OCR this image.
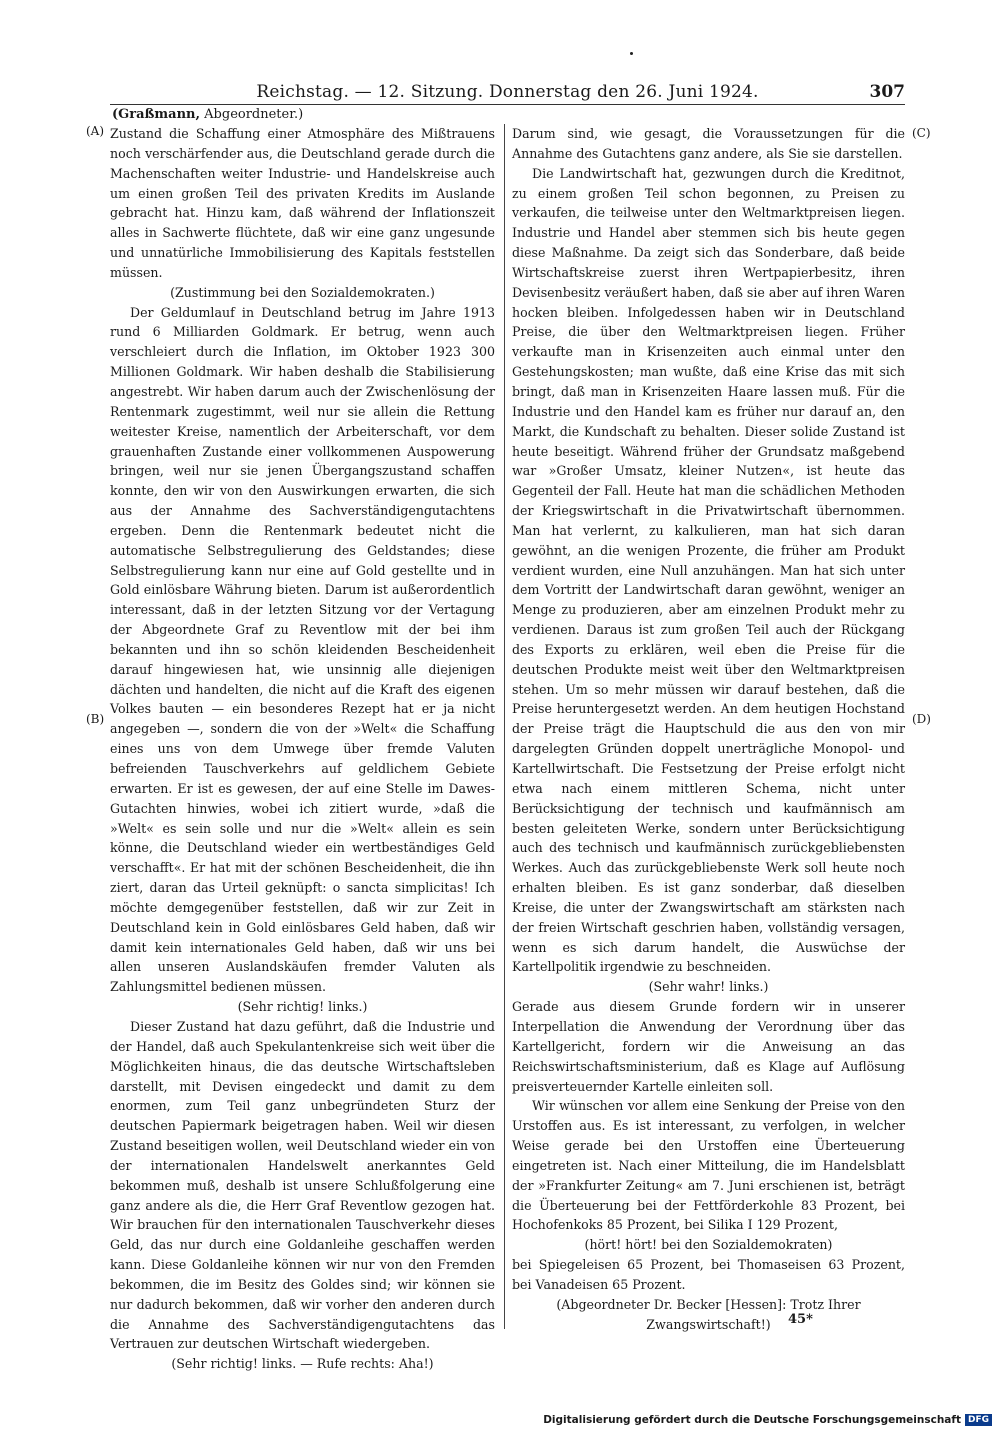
Reichstag. — 12. Sitzung. Donnerstag den 26. Juni 1924.	307
(Graßmann, Abgeordneter.)
(A)
(B)
(C)
(D)

Zustand die Schaffung einer Atmosphäre des Mißtrauens noch verschärfender aus, die Deutschland gerade durch die Machenschaften weiter Industrie- und Handelskreise auch um einen großen Teil des privaten Kredits im Auslande gebracht hat. Hinzu kam, daß während der Inflationszeit alles in Sachwerte flüchtete, daß wir eine ganz ungesunde und unnatürliche Immobilisierung des Kapitals feststellen müssen.

(Zustimmung bei den Sozialdemokraten.)

Der Geldumlauf in Deutschland betrug im Jahre 1913 rund 6 Milliarden Goldmark. Er betrug, wenn auch verschleiert durch die Inflation, im Oktober 1923 300 Millionen Goldmark. Wir haben deshalb die Stabilisierung angestrebt. Wir haben darum auch der Zwischenlösung der Rentenmark zugestimmt, weil nur sie allein die Rettung weitester Kreise, namentlich der Arbeiterschaft, vor dem grauenhaften Zustande einer vollkommenen Auspowerung bringen, weil nur sie jenen Übergangszustand schaffen konnte, den wir von den Auswirkungen erwarten, die sich aus der Annahme des Sachverständigengutachtens ergeben. Denn die Rentenmark bedeutet nicht die automatische Selbstregulierung des Geldstandes; diese Selbstregulierung kann nur eine auf Gold gestellte und in Gold einlösbare Währung bieten. Darum ist außerordentlich interessant, daß in der letzten Sitzung vor der Vertagung der Abgeordnete Graf zu Reventlow mit der bei ihm bekannten und ihn so schön kleidenden Bescheidenheit darauf hingewiesen hat, wie unsinnig alle diejenigen dächten und handelten, die nicht auf die Kraft des eigenen Volkes bauten — ein besonderes Rezept hat er ja nicht angegeben —, sondern die von der »Welt« die Schaffung eines uns von dem Umwege über fremde Valuten befreienden Tauschverkehrs auf geldlichem Gebiete erwarten. Er ist es gewesen, der auf eine Stelle im Dawes-Gutachten hinwies, wobei ich zitiert wurde, »daß die »Welt« es sein solle und nur die »Welt« allein es sein könne, die Deutschland wieder ein wertbeständiges Geld verschafft«. Er hat mit der schönen Bescheidenheit, die ihn ziert, daran das Urteil geknüpft: o sancta simplicitas! Ich möchte demgegenüber feststellen, daß wir zur Zeit in Deutschland kein in Gold einlösbares Geld haben, daß wir damit kein internationales Geld haben, daß wir uns bei allen unseren Auslandskäufen fremder Valuten als Zahlungsmittel bedienen müssen.

(Sehr richtig! links.)

Dieser Zustand hat dazu geführt, daß die Industrie und der Handel, daß auch Spekulantenkreise sich weit über die Möglichkeiten hinaus, die das deutsche Wirtschaftsleben darstellt, mit Devisen eingedeckt und damit zu dem enormen, zum Teil ganz unbegründeten Sturz der deutschen Papiermark beigetragen haben. Weil wir diesen Zustand beseitigen wollen, weil Deutschland wieder ein von der internationalen Handelswelt anerkanntes Geld bekommen muß, deshalb ist unsere Schlußfolgerung eine ganz andere als die, die Herr Graf Reventlow gezogen hat. Wir brauchen für den internationalen Tauschverkehr dieses Geld, das nur durch eine Goldanleihe geschaffen werden kann. Diese Goldanleihe können wir nur von den Fremden bekommen, die im Besitz des Goldes sind; wir können sie nur dadurch bekommen, daß wir vorher den anderen durch die Annahme des Sachverständigengutachtens das Vertrauen zur deutschen Wirtschaft wiedergeben.

(Sehr richtig! links. — Rufe rechts: Aha!)

Darum sind, wie gesagt, die Voraussetzungen für die Annahme des Gutachtens ganz andere, als Sie sie darstellen.

Die Landwirtschaft hat, gezwungen durch die Kreditnot, zu einem großen Teil schon begonnen, zu Preisen zu verkaufen, die teilweise unter den Weltmarktpreisen liegen. Industrie und Handel aber stemmen sich bis heute gegen diese Maßnahme. Da zeigt sich das Sonderbare, daß beide Wirtschaftskreise zuerst ihren Wertpapierbesitz, ihren Devisenbesitz veräußert haben, daß sie aber auf ihren Waren hocken bleiben. Infolgedessen haben wir in Deutschland Preise, die über den Weltmarktpreisen liegen. Früher verkaufte man in Krisenzeiten auch einmal unter den Gestehungskosten; man wußte, daß eine Krise das mit sich bringt, daß man in Krisenzeiten Haare lassen muß. Für die Industrie und den Handel kam es früher nur darauf an, den Markt, die Kundschaft zu behalten. Dieser solide Zustand ist heute beseitigt. Während früher der Grundsatz maßgebend war »Großer Umsatz, kleiner Nutzen«, ist heute das Gegenteil der Fall. Heute hat man die schädlichen Methoden der Kriegswirtschaft in die Privatwirtschaft übernommen. Man hat verlernt, zu kalkulieren, man hat sich daran gewöhnt, an die wenigen Prozente, die früher am Produkt verdient wurden, eine Null anzuhängen. Man hat sich unter dem Vortritt der Landwirtschaft daran gewöhnt, weniger an Menge zu produzieren, aber am einzelnen Produkt mehr zu verdienen. Daraus ist zum großen Teil auch der Rückgang des Exports zu erklären, weil eben die Preise für die deutschen Produkte meist weit über den Weltmarktpreisen stehen. Um so mehr müssen wir darauf bestehen, daß die Preise heruntergesetzt werden. An dem heutigen Hochstand der Preise trägt die Hauptschuld die aus den von mir dargelegten Gründen doppelt unerträgliche Monopol- und Kartellwirtschaft. Die Festsetzung der Preise erfolgt nicht etwa nach einem mittleren Schema, nicht unter Berücksichtigung der technisch und kaufmännisch am besten geleiteten Werke, sondern unter Berücksichtigung auch des technisch und kaufmännisch zurückgebliebensten Werkes. Auch das zurückgebliebenste Werk soll heute noch erhalten bleiben. Es ist ganz sonderbar, daß dieselben Kreise, die unter der Zwangswirtschaft am stärksten nach der freien Wirtschaft geschrien haben, vollständig versagen, wenn es sich darum handelt, die Auswüchse der Kartellpolitik irgendwie zu beschneiden.

(Sehr wahr! links.)

Gerade aus diesem Grunde fordern wir in unserer Interpellation die Anwendung der Verordnung über das Kartellgericht, fordern wir die Anweisung an das Reichswirtschaftsministerium, daß es Klage auf Auflösung preisverteuernder Kartelle einleiten soll.

Wir wünschen vor allem eine Senkung der Preise von den Urstoffen aus. Es ist interessant, zu verfolgen, in welcher Weise gerade bei den Urstoffen eine Überteuerung eingetreten ist. Nach einer Mitteilung, die im Handelsblatt der »Frankfurter Zeitung« am 7. Juni erschienen ist, beträgt die Überteuerung bei der Fettförderkohle 83 Prozent, bei Hochofenkoks 85 Prozent, bei Silika I 129 Prozent,

(hört! hört! bei den Sozialdemokraten)

bei Spiegeleisen 65 Prozent, bei Thomaseisen 63 Prozent, bei Vanadeisen 65 Prozent.

(Abgeordneter Dr. Becker [Hessen]: Trotz Ihrer Zwangswirtschaft!)	45*
Digitalisierung gefördert durch die Deutsche Forschungsgemeinschaft DFG
